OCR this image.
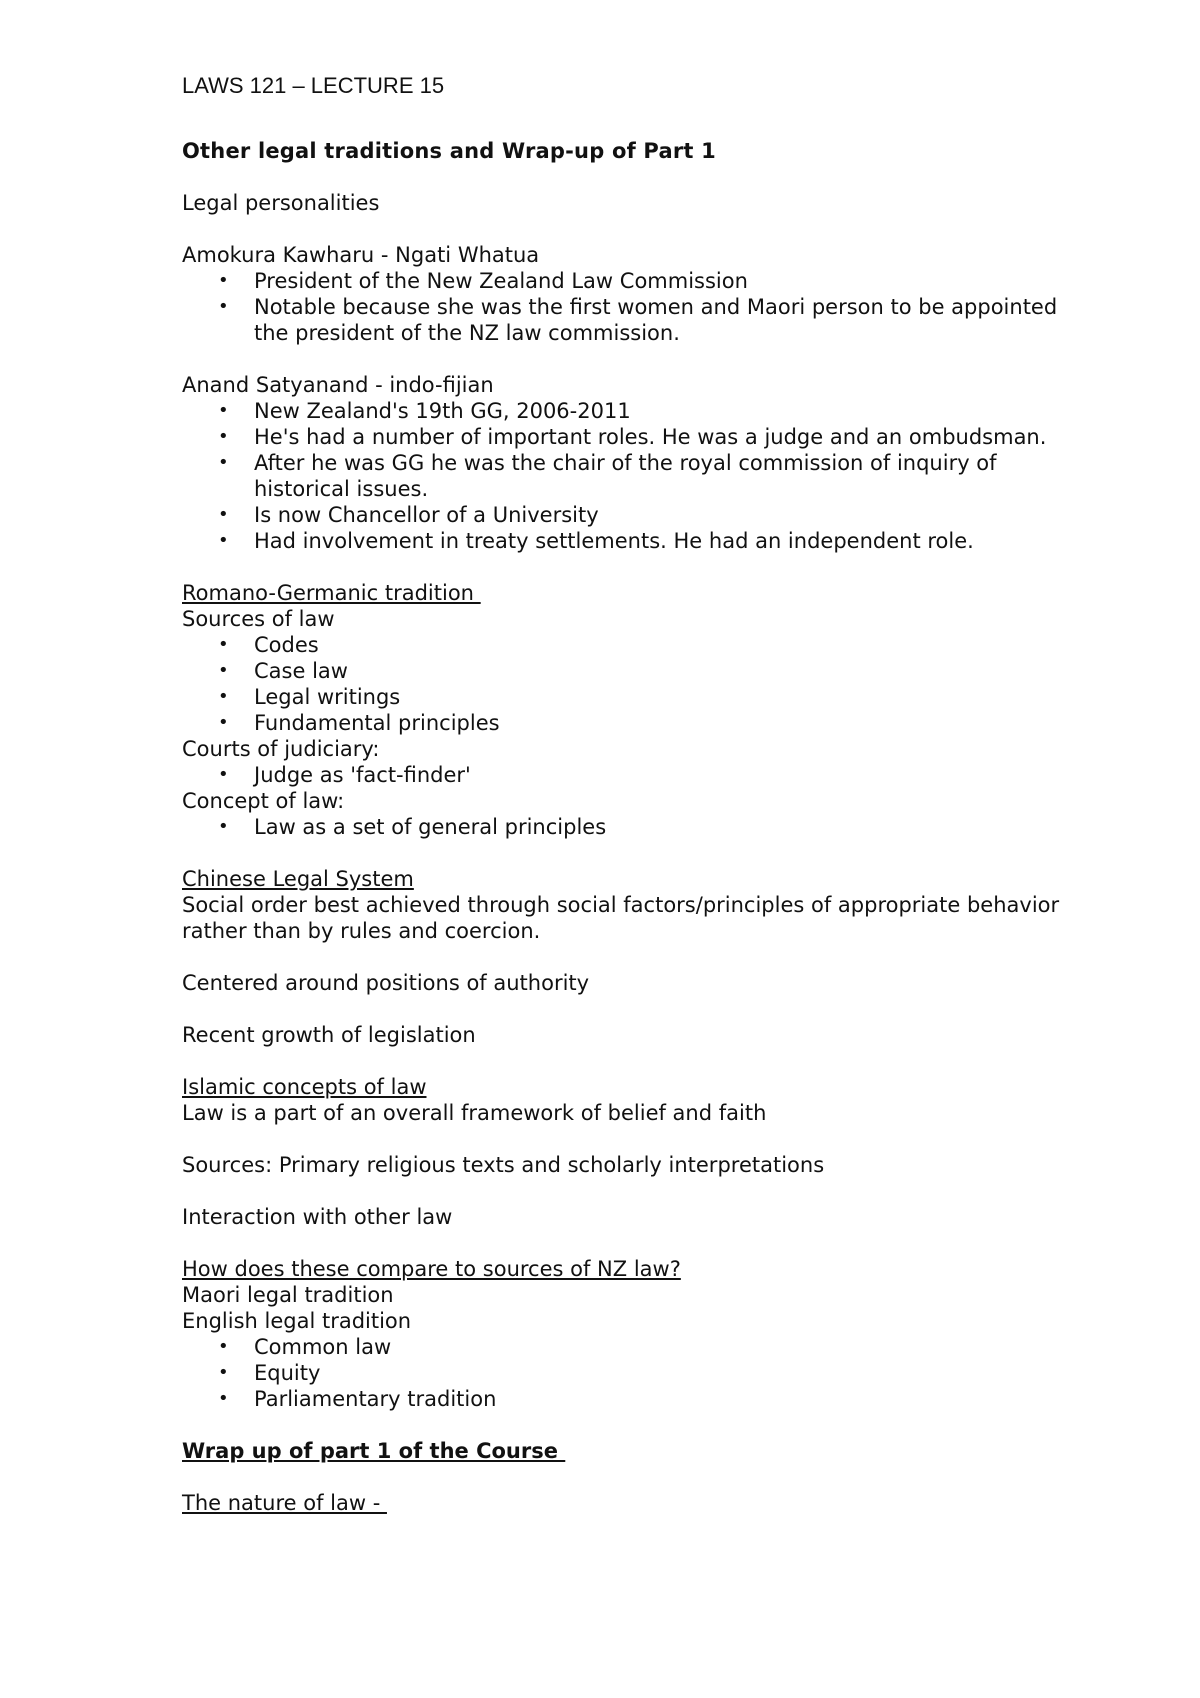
LAWS 121 – LECTURE 15
Other legal traditions and Wrap-up of Part 1

Legal personalities

Amokura Kawharu - Ngati Whatua

• President of the New Zealand Law Commission
• Notable because she was the first women and Maori person to be appointed the president of the NZ law commission.

Anand Satyanand - indo-fijian

• New Zealand's 19th GG, 2006-2011
• He's had a number of important roles. He was a judge and an ombudsman.
• After he was GG he was the chair of the royal commission of inquiry of historical issues.
• Is now Chancellor of a University
• Had involvement in treaty settlements. He had an independent role.

Romano-Germanic tradition

Sources of law

• Codes
• Case law
• Legal writings
• Fundamental principles

Courts of judiciary:

• Judge as 'fact-finder'

Concept of law:

• Law as a set of general principles

Chinese Legal System

Social order best achieved through social factors/principles of appropriate behavior rather than by rules and coercion.

Centered around positions of authority

Recent growth of legislation

Islamic concepts of law

Law is a part of an overall framework of belief and faith

Sources: Primary religious texts and scholarly interpretations

Interaction with other law

How does these compare to sources of NZ law?

Maori legal tradition

English legal tradition

• Common law
• Equity
• Parliamentary tradition

Wrap up of part 1 of the Course

The nature of law -
